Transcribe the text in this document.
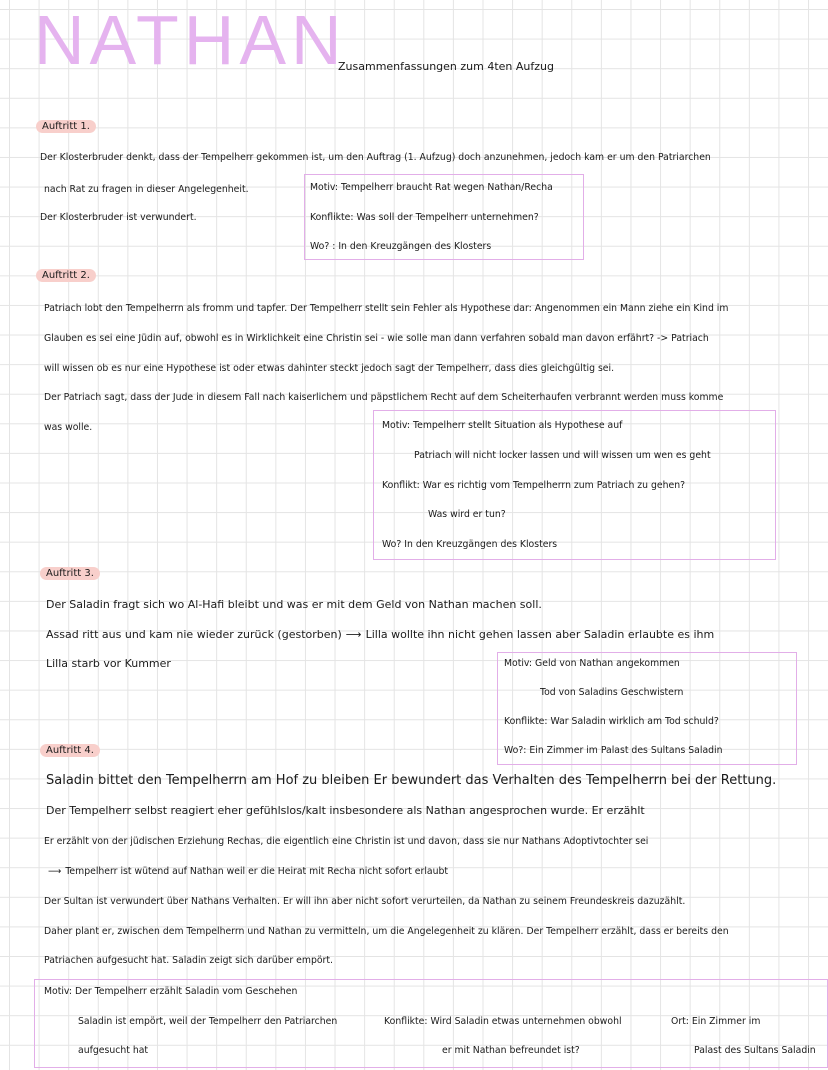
NATHAN
Zusammenfassungen zum 4ten Aufzug
Auftritt 1.
Der Klosterbruder denkt, dass der Tempelherr gekommen ist, um den Auftrag (1. Aufzug) doch anzunehmen, jedoch kam er um den Patriarchen
nach Rat zu fragen in dieser Angelegenheit.
Der Klosterbruder ist verwundert.
Motiv: Tempelherr braucht Rat wegen Nathan/Recha
Konflikte: Was soll der Tempelherr unternehmen?
Wo? : In den Kreuzgängen des Klosters
Auftritt 2.
Patriach lobt den Tempelherrn als fromm und tapfer. Der Tempelherr stellt sein Fehler als Hypothese dar: Angenommen ein Mann ziehe ein Kind im
Glauben es sei eine Jüdin auf, obwohl es in Wirklichkeit eine Christin sei - wie solle man dann verfahren sobald man davon erfährt? -> Patriach
will wissen ob es nur eine Hypothese ist oder etwas dahinter steckt jedoch sagt der Tempelherr, dass dies gleichgültig sei.
Der Patriach sagt, dass der Jude in diesem Fall nach kaiserlichem und päpstlichem Recht auf dem Scheiterhaufen verbrannt werden muss komme
was wolle.	Motiv: Tempelherr stellt Situation als Hypothese auf
Patriach will nicht locker lassen und will wissen um wen es geht
Konflikt: War es richtig vom Tempelherrn zum Patriach zu gehen?
Was wird er tun?
Wo? In den Kreuzgängen des Klosters
Auftritt 3.
Der Saladin fragt sich wo Al-Hafi bleibt und was er mit dem Geld von Nathan machen soll.
Assad ritt aus und kam nie wieder zurück (gestorben) ⟶ Lilla wollte ihn nicht gehen lassen aber Saladin erlaubte es ihm
Lilla starb vor Kummer	Motiv: Geld von Nathan angekommen
Tod von Saladins Geschwistern
Konflikte: War Saladin wirklich am Tod schuld?
Wo?: Ein Zimmer im Palast des Sultans Saladin
Auftritt 4.
Saladin bittet den Tempelherrn am Hof zu bleiben Er bewundert das Verhalten des Tempelherrn bei der Rettung.
Der Tempelherr selbst reagiert eher gefühlslos/kalt insbesondere als Nathan angesprochen wurde. Er erzählt
Er erzählt von der jüdischen Erziehung Rechas, die eigentlich eine Christin ist und davon, dass sie nur Nathans Adoptivtochter sei
⟶ Tempelherr ist wütend auf Nathan weil er die Heirat mit Recha nicht sofort erlaubt
Der Sultan ist verwundert über Nathans Verhalten. Er will ihn aber nicht sofort verurteilen, da Nathan zu seinem Freundeskreis dazuzählt.
Daher plant er, zwischen dem Tempelherrn und Nathan zu vermitteln, um die Angelegenheit zu klären. Der Tempelherr erzählt, dass er bereits den
Patriachen aufgesucht hat. Saladin zeigt sich darüber empört.
Motiv: Der Tempelherr erzählt Saladin vom Geschehen
Saladin ist empört, weil der Tempelherr den Patriarchen
aufgesucht hat
Konflikte: Wird Saladin etwas unternehmen obwohl
er mit Nathan befreundet ist?
Ort: Ein Zimmer im
Palast des Sultans Saladin
